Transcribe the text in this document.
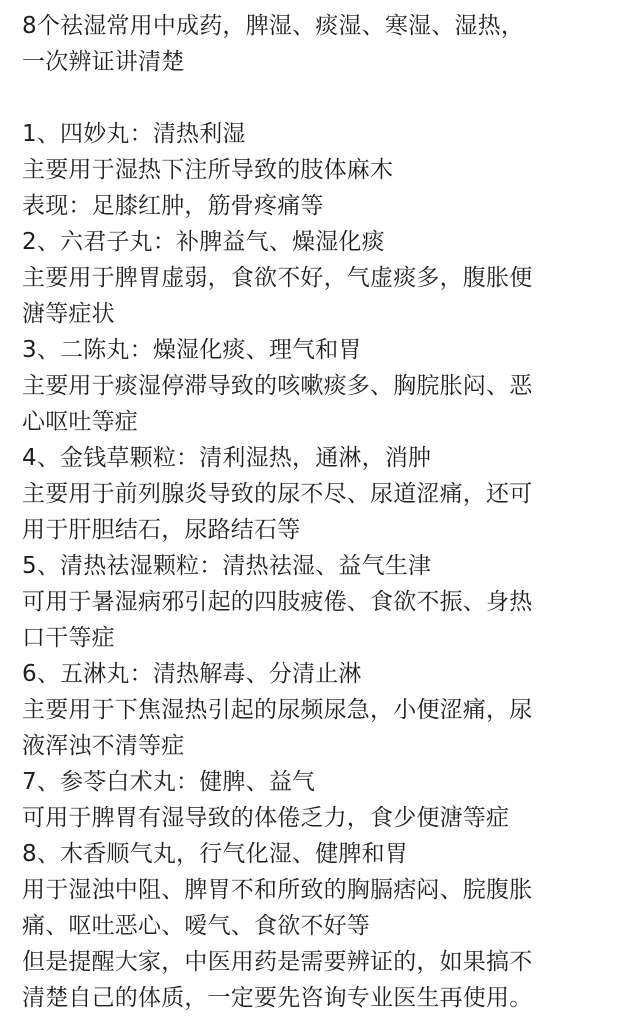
8个祛湿常用中成药，脾湿、痰湿、寒湿、湿热，
一次辨证讲清楚
1、四妙丸：清热利湿
主要用于湿热下注所导致的肢体麻木
表现：足膝红肿，筋骨疼痛等
2、六君子丸：补脾益气、燥湿化痰
主要用于脾胃虚弱，食欲不好，气虚痰多，腹胀便
溏等症状
3、二陈丸：燥湿化痰、理气和胃
主要用于痰湿停滞导致的咳嗽痰多、胸脘胀闷、恶
心呕吐等症
4、金钱草颗粒：清利湿热，通淋，消肿
主要用于前列腺炎导致的尿不尽、尿道涩痛，还可
用于肝胆结石，尿路结石等
5、清热祛湿颗粒：清热祛湿、益气生津
可用于暑湿病邪引起的四肢疲倦、食欲不振、身热
口干等症
6、五淋丸：清热解毒、分清止淋
主要用于下焦湿热引起的尿频尿急，小便涩痛，尿
液浑浊不清等症
7、参苓白术丸：健脾、益气
可用于脾胃有湿导致的体倦乏力，食少便溏等症
8、木香顺气丸，行气化湿、健脾和胃
用于湿浊中阻、脾胃不和所致的胸膈痞闷、脘腹胀
痛、呕吐恶心、嗳气、食欲不好等
但是提醒大家，中医用药是需要辨证的，如果搞不
清楚自己的体质，一定要先咨询专业医生再使用。
